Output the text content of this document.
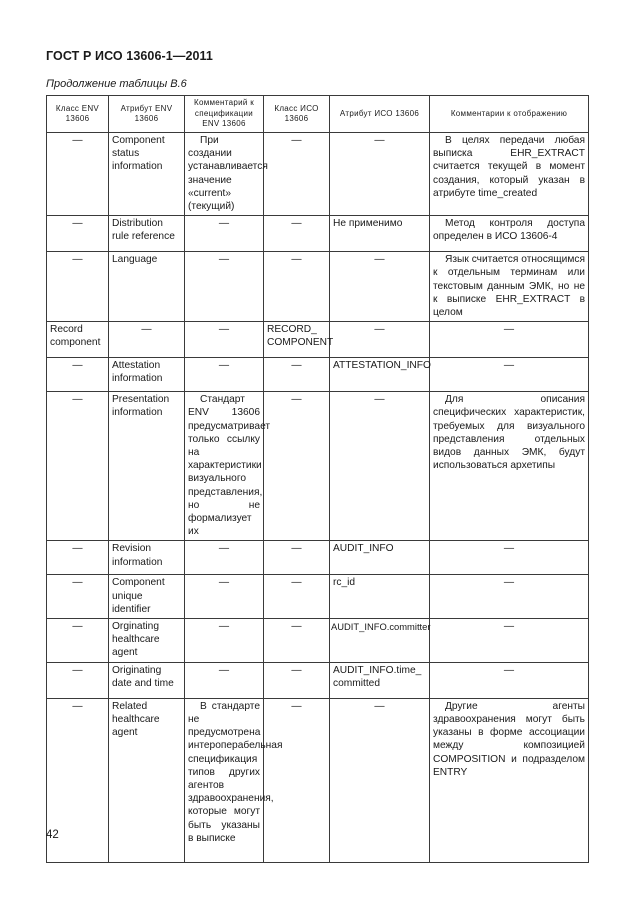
ГОСТ Р ИСО 13606-1—2011
Продолжение таблицы В.6
Класс ENV 13606	Атрибут ENV 13606	Комментарий к спецификации ENV 13606	Класс ИСО 13606	Атрибут ИСО 13606	Комментарии к отображению
—	Component status information	При создании устанавливается значение «current» (текущий)	—	—	В целях передачи любая выписка EHR_EXTRACT считается текущей в момент создания, который указан в атрибуте time_created
—	Distribution rule reference	—	—	Не применимо	Метод контроля доступа определен в ИСО 13606-4
—	Language	—	—	—	Язык считается относящимся к отдельным терминам или текстовым данным ЭМК, но не к выписке EHR_EXTRACT в целом
Record component	—	—	RECORD_ COMPONENT	—	—
—	Attestation information	—	—	ATTESTATION_INFO	—
—	Presentation information	Стандарт ENV 13606 предусматривает только ссылку на характеристики визуального представления, но не формализует их	—	—	Для описания специфических характеристик, требуемых для визуального представления отдельных видов данных ЭМК, будут использоваться архетипы
—	Revision information	—	—	AUDIT_INFO	—
—	Component unique identifier	—	—	rc_id	—
—	Orginating healthcare agent	—	—	AUDIT_INFO.committer	—
—	Originating date and time	—	—	AUDIT_INFO.time_ committed	—
—	Related healthcare agent	В стандарте не предусмотрена интероперабельная спецификация типов других агентов здравоохранения, которые могут быть указаны в выписке	—	—	Другие агенты здравоохранения могут быть указаны в форме ассоциации между композицией COMPOSITION и подразделом ENTRY
42
